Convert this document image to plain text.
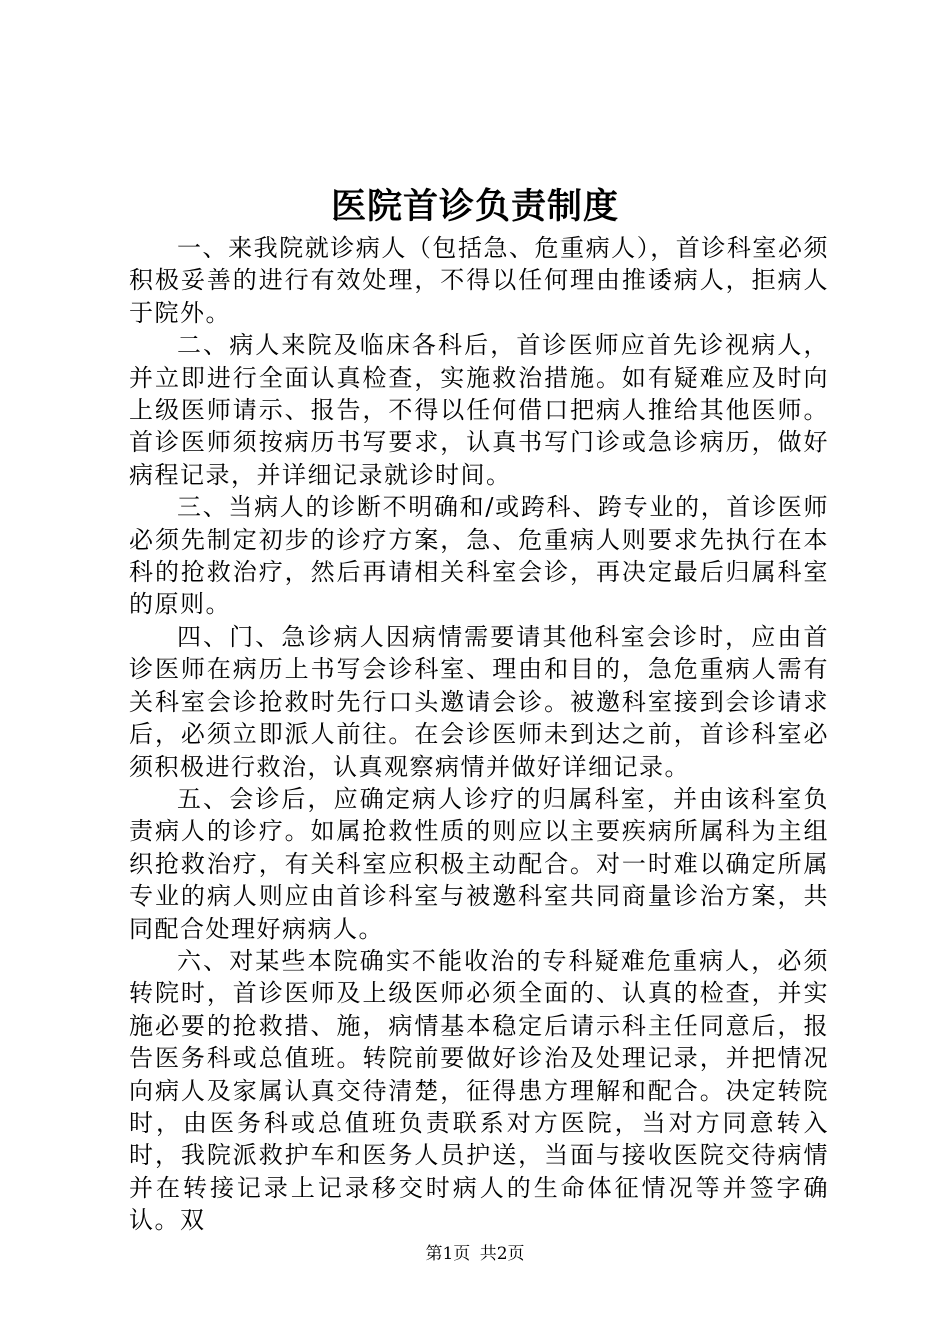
医院首诊负责制度

一、来我院就诊病人（包括急、危重病人），首诊科室必须积极妥善的进行有效处理，不得以任何理由推诿病人，拒病人于院外。

二、病人来院及临床各科后，首诊医师应首先诊视病人，并立即进行全面认真检查，实施救治措施。如有疑难应及时向上级医师请示、报告，不得以任何借口把病人推给其他医师。首诊医师须按病历书写要求，认真书写门诊或急诊病历，做好病程记录，并详细记录就诊时间。

三、当病人的诊断不明确和/或跨科、跨专业的，首诊医师必须先制定初步的诊疗方案，急、危重病人则要求先执行在本科的抢救治疗，然后再请相关科室会诊，再决定最后归属科室的原则。

四、门、急诊病人因病情需要请其他科室会诊时，应由首诊医师在病历上书写会诊科室、理由和目的，急危重病人需有关科室会诊抢救时先行口头邀请会诊。被邀科室接到会诊请求后，必须立即派人前往。在会诊医师未到达之前，首诊科室必须积极进行救治，认真观察病情并做好详细记录。

五、会诊后，应确定病人诊疗的归属科室，并由该科室负责病人的诊疗。如属抢救性质的则应以主要疾病所属科为主组织抢救治疗，有关科室应积极主动配合。对一时难以确定所属专业的病人则应由首诊科室与被邀科室共同商量诊治方案，共同配合处理好病病人。

六、对某些本院确实不能收治的专科疑难危重病人，必须转院时，首诊医师及上级医师必须全面的、认真的检查，并实施必要的抢救措、施，病情基本稳定后请示科主任同意后，报告医务科或总值班。转院前要做好诊治及处理记录，并把情况向病人及家属认真交待清楚，征得患方理解和配合。决定转院时，由医务科或总值班负责联系对方医院，当对方同意转入时，我院派救护车和医务人员护送，当面与接收医院交待病情并在转接记录上记录移交时病人的生命体征情况等并签字确认。双

第1页 共2页
